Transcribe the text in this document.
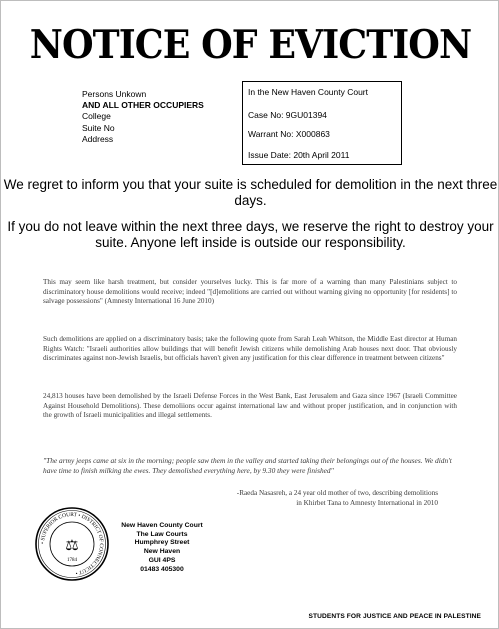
NOTICE OF EVICTION
Persons Unkown
AND ALL OTHER OCCUPIERS
College
Suite No
Address
In the New Haven County Court
Case No: 9GU01394
Warrant No: X000863
Issue Date: 20th April 2011
We regret to inform you that your suite is scheduled for demolition in the next three days.
If you do not leave within the next three days, we reserve the right to destroy your suite. Anyone left inside is outside our responsibility.
This may seem like harsh treatment, but consider yourselves lucky. This is far more of a warning than many Palestinians subject to discriminatory house demolitions would receive; indeed "[d]emolitions are carried out without warning giving no opportunity [for residents] to salvage possessions" (Amnesty International 16 June 2010)
Such demolitions are applied on a discriminatory basis; take the following quote from Sarah Leah Whitson, the Middle East director at Human Rights Watch: "Israeli authorities allow buildings that will benefit Jewish citizens while demolishing Arab houses next door. That obviously discriminates against non-Jewish Israelis, but officials haven't given any justification for this clear difference in treatment between citizens"
24,813 houses have been demolished by the Israeli Defense Forces in the West Bank, East Jerusalem and Gaza since 1967 (Israeli Committee Against Household Demolitions). These demoliions occur against international law and without proper justification, and in conjunction with the growth of Israeli municipalities and illegal settlements.
"The army jeeps came at six in the morning; people saw them in the valley and started taking their belongings out of the houses. We didn't have time to finish milking the ewes. They demolished everything here, by 9.30 they were finished"
-Raeda Nasasreh, a 24 year old mother of two, describing demolitions
in Khirbet Tana to Amnesty International in 2010
• SUPERIOR COURT • DISTRICT OF CONNECTICUT •
⚖
1784
New Haven County Court
The Law Courts
Humphrey Street
New Haven
GUI 4PS
01483 405300
STUDENTS FOR JUSTICE AND PEACE IN PALESTINE
